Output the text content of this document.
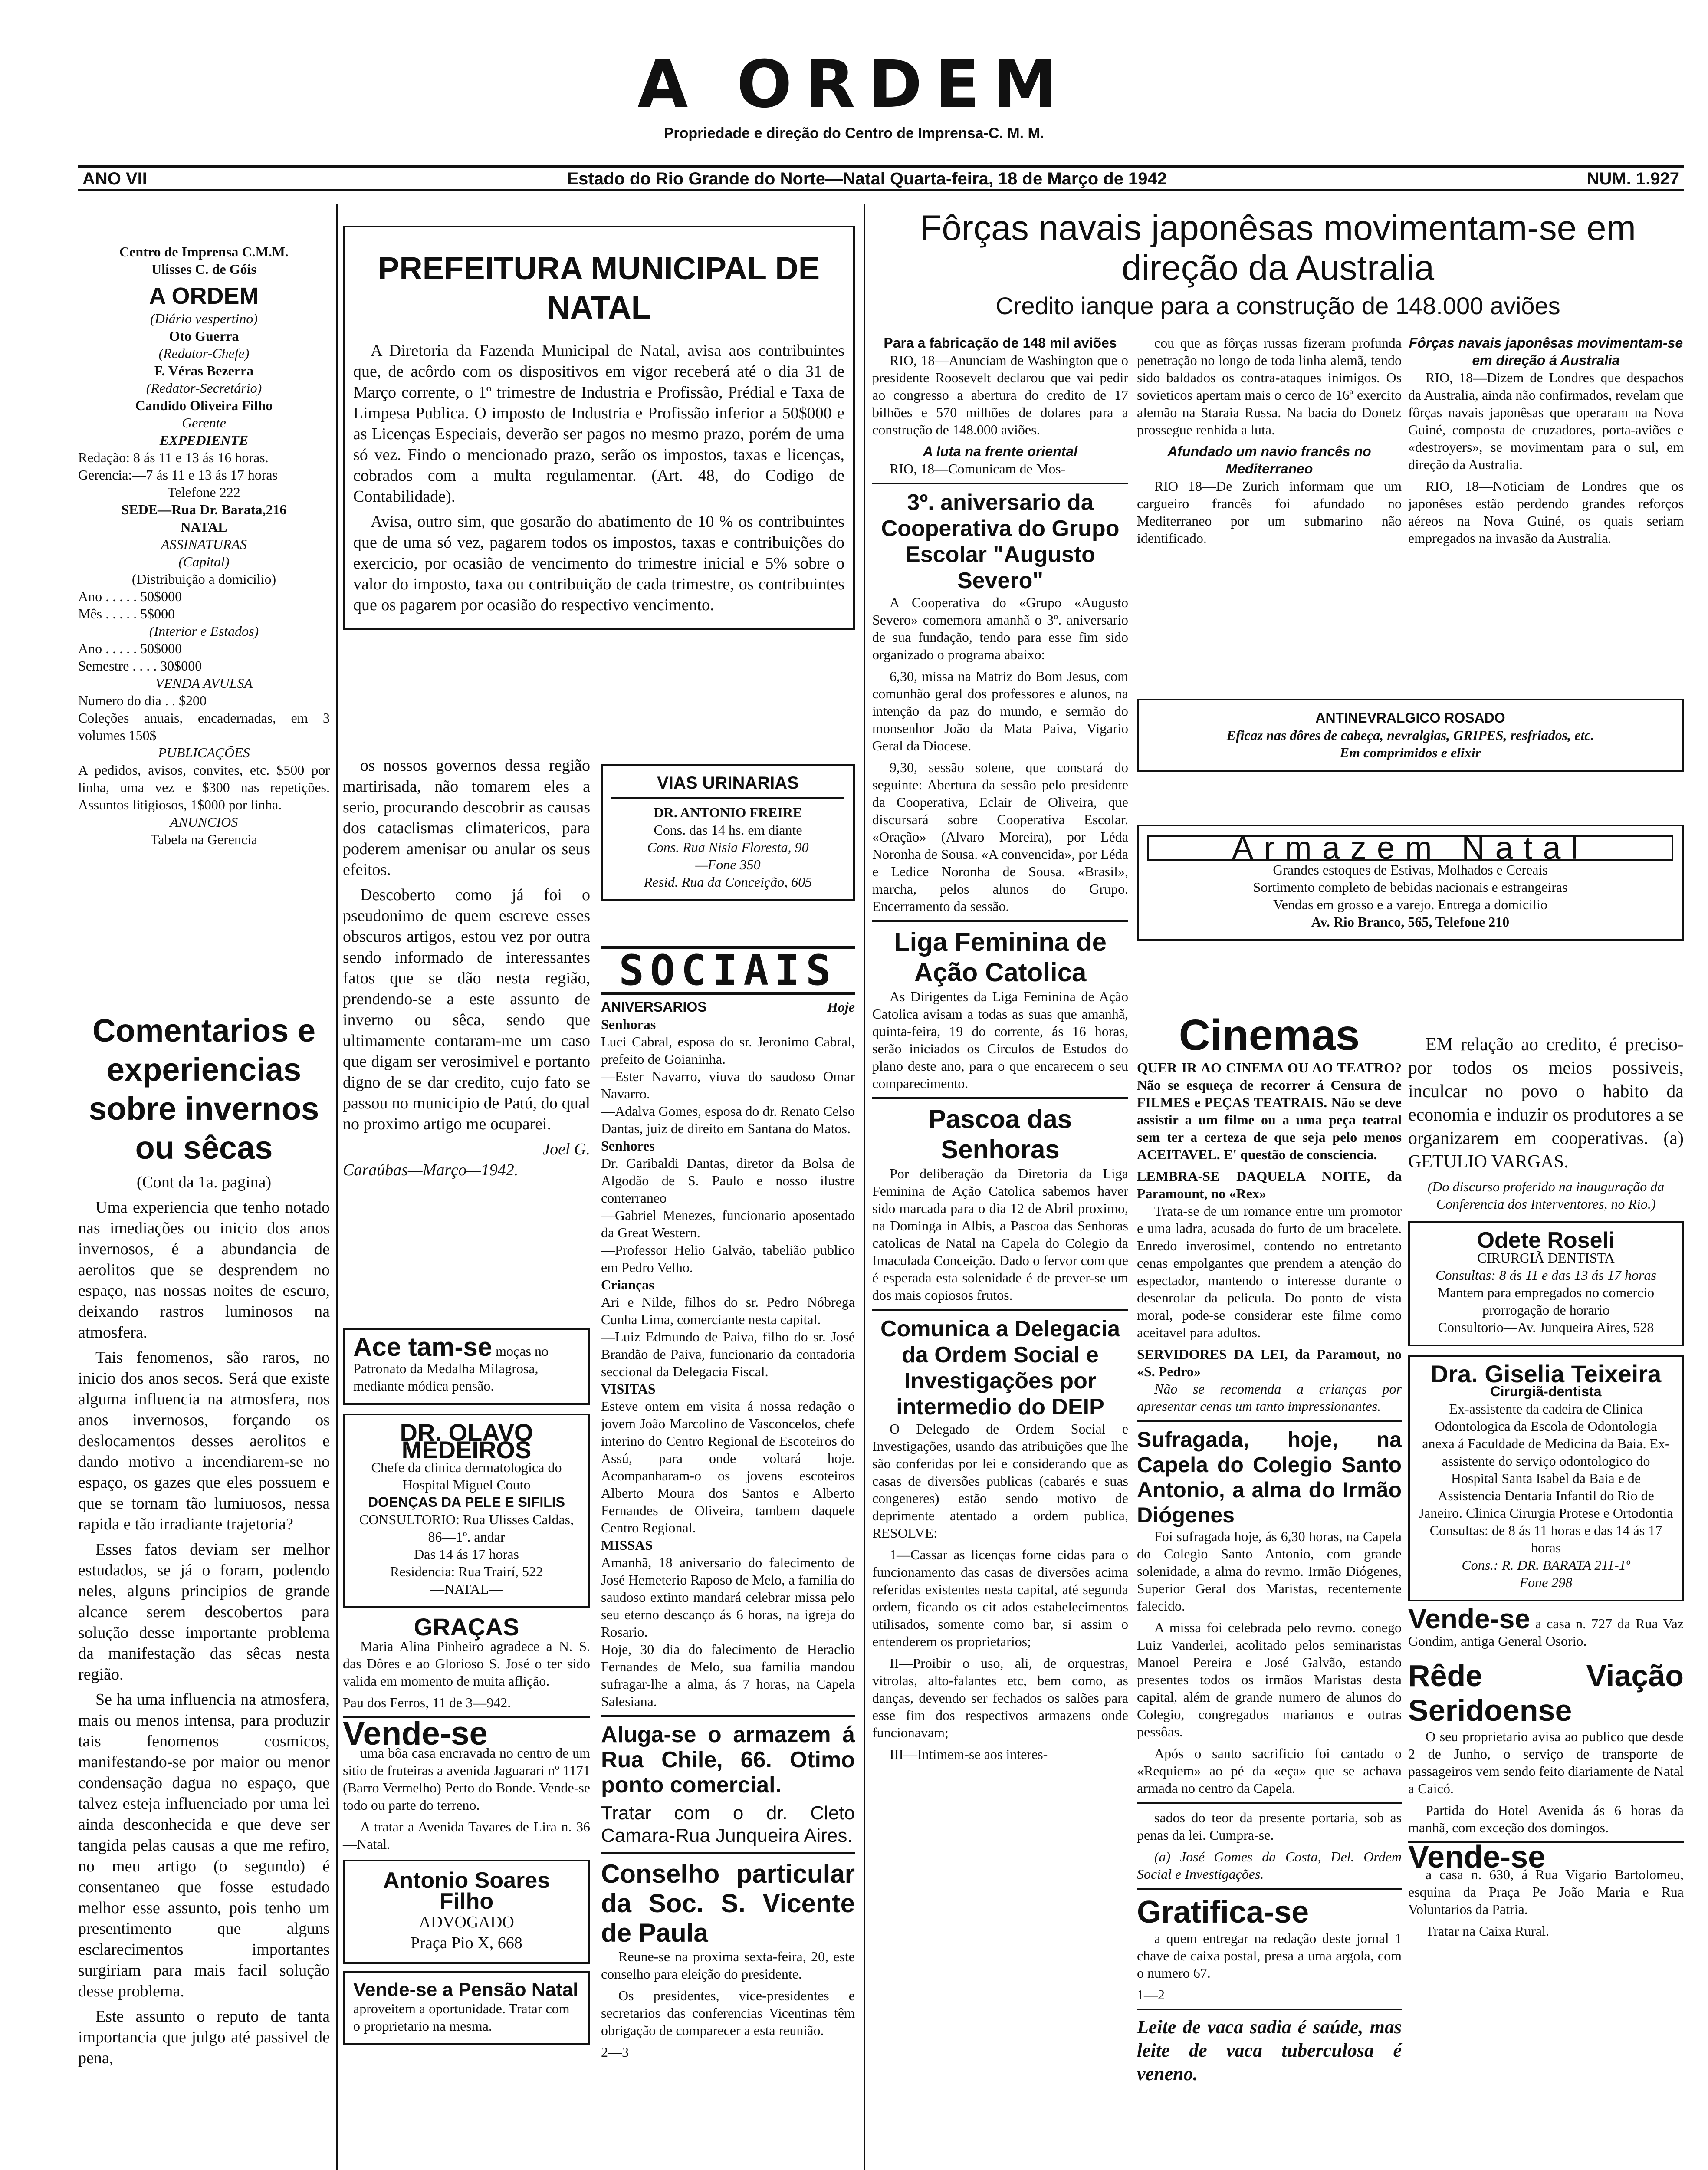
A ORDEM
Propriedade e direção do Centro de Imprensa-C. M. M.
ANO VII	Estado do Rio Grande do Norte—Natal Quarta-feira, 18 de Março de 1942	NUM. 1.927
Centro de Imprensa C.M.M.
Ulisses C. de Góis
A ORDEM
(Diário vespertino)
Oto Guerra
(Redator-Chefe)
F. Véras Bezerra
(Redator-Secretário)
Candido Oliveira Filho
Gerente
EXPEDIENTE
Redação: 8 ás 11 e 13 ás 16 horas.
Gerencia:—7 ás 11 e 13 ás 17 horas
Telefone 222
SEDE—Rua Dr. Barata,216
NATAL
ASSINATURAS
(Capital)
(Distribuição a domicilio)
Ano . . . . . 50$000
Mês . . . . . 5$000
(Interior e Estados)
Ano . . . . . 50$000
Semestre . . . . 30$000
VENDA AVULSA
Numero do dia . . $200
Coleções anuais, encadernadas, em 3 volumes 150$
PUBLICAÇÕES
A pedidos, avisos, convites, etc. $500 por linha, uma vez e $300 nas repetições. Assuntos litigiosos, 1$000 por linha.
ANUNCIOS
Tabela na Gerencia
Comentarios e experiencias sobre invernos ou sêcas
(Cont da 1a. pagina)

Uma experiencia que tenho notado nas imediações ou inicio dos anos invernosos, é a abundancia de aerolitos que se desprendem no espaço, nas nossas noites de escuro, deixando rastros luminosos na atmosfera.

Tais fenomenos, são raros, no inicio dos anos secos. Será que existe alguma influencia na atmosfera, nos anos invernosos, forçando os deslocamentos desses aerolitos e dando motivo a incendiarem-se no espaço, os gazes que eles possuem e que se tornam tão lumiuosos, nessa rapida e tão irradiante trajetoria?

Esses fatos deviam ser melhor estudados, se já o foram, podendo neles, alguns principios de grande alcance serem descobertos para solução desse importante problema da manifestação das sêcas nesta região.

Se ha uma influencia na atmosfera, mais ou menos intensa, para produzir tais fenomenos cosmicos, manifestando-se por maior ou menor condensação dagua no espaço, que talvez esteja influenciado por uma lei ainda desconhecida e que deve ser tangida pelas causas a que me refiro, no meu artigo (o segundo) é consentaneo que fosse estudado melhor esse assunto, pois tenho um presentimento que alguns esclarecimentos importantes surgiriam para mais facil solução desse problema.

Este assunto o reputo de tanta importancia que julgo até passivel de pena,

PREFEITURA MUNICIPAL DE NATAL

A Diretoria da Fazenda Municipal de Natal, avisa aos contribuintes que, de acôrdo com os dispositivos em vigor receberá até o dia 31 de Março corrente, o 1º trimestre de Industria e Profissão, Prédial e Taxa de Limpesa Publica. O imposto de Industria e Profissão inferior a 50$000 e as Licenças Especiais, deverão ser pagos no mesmo prazo, porém de uma só vez. Findo o mencionado prazo, serão os impostos, taxas e licenças, cobrados com a multa regulamentar. (Art. 48, do Codigo de Contabilidade).

Avisa, outro sim, que gosarão do abatimento de 10 % os contribuintes que de uma só vez, pagarem todos os impostos, taxas e contribuições do exercicio, por ocasião de vencimento do trimestre inicial e 5% sobre o valor do imposto, taxa ou contribuição de cada trimestre, os contribuintes que os pagarem por ocasião do respectivo vencimento.

os nossos governos dessa região martirisada, não tomarem eles a serio, procurando descobrir as causas dos cataclismas climatericos, para poderem amenisar ou anular os seus efeitos.

Descoberto como já foi o pseudonimo de quem escreve esses obscuros artigos, estou vez por outra sendo informado de interessantes fatos que se dão nesta região, prendendo-se a este assunto de inverno ou sêca, sendo que ultimamente contaram-me um caso que digam ser verosimivel e portanto digno de se dar credito, cujo fato se passou no municipio de Patú, do qual no proximo artigo me ocuparei.

Joel G.
Caraúbas—Março—1942.
VIAS URINARIAS
DR. ANTONIO FREIRE
Cons. das 14 hs. em diante
Cons. Rua Nisia Floresta, 90
—Fone 350
Resid. Rua da Conceição, 605
SOCIAIS
ANIVERSARIOS	Hoje
Senhoras
Luci Cabral, esposa do sr. Jeronimo Cabral, prefeito de Goianinha.
—Ester Navarro, viuva do saudoso Omar Navarro.
—Adalva Gomes, esposa do dr. Renato Celso Dantas, juiz de direito em Santana do Matos.
Senhores
Dr. Garibaldi Dantas, diretor da Bolsa de Algodão de S. Paulo e nosso ilustre conterraneo
—Gabriel Menezes, funcionario aposentado da Great Western.
—Professor Helio Galvão, tabelião publico em Pedro Velho.
Crianças
Ari e Nilde, filhos do sr. Pedro Nóbrega Cunha Lima, comerciante nesta capital.
—Luiz Edmundo de Paiva, filho do sr. José Brandão de Paiva, funcionario da contadoria seccional da Delegacia Fiscal.
VISITAS
Esteve ontem em visita á nossa redação o jovem João Marcolino de Vasconcelos, chefe interino do Centro Regional de Escoteiros do Assú, para onde voltará hoje. Acompanharam-o os jovens escoteiros Alberto Moura dos Santos e Alberto Fernandes de Oliveira, tambem daquele Centro Regional.
MISSAS
Amanhã, 18 aniversario do falecimento de José Hemeterio Raposo de Melo, a familia do saudoso extinto mandará celebrar missa pelo seu eterno descanço ás 6 horas, na igreja do Rosario.
Hoje, 30 dia do falecimento de Heraclio Fernandes de Melo, sua familia mandou sufragar-lhe a alma, ás 7 horas, na Capela Salesiana.
Aluga-se o armazem á Rua Chile, 66. Otimo ponto comercial.
Tratar com o dr. Cleto Camara-Rua Junqueira Aires.
Conselho particular da Soc. S. Vicente de Paula

Reune-se na proxima sexta-feira, 20, este conselho para eleição do presidente.

Os presidentes, vice-presidentes e secretarios das conferencias Vicentinas têm obrigação de comparecer a esta reunião.

2—3
Ace tam-se moças no Patronato da Medalha Milagrosa, mediante módica pensão.
DR. OLAVO MEDEIROS
Chefe da clinica dermatologica do Hospital Miguel Couto
DOENÇAS DA PELE E SIFILIS
CONSULTORIO: Rua Ulisses Caldas, 86—1º. andar
Das 14 ás 17 horas
Residencia: Rua Trairí, 522
—NATAL—
GRAÇAS

Maria Alina Pinheiro agradece a N. S. das Dôres e ao Glorioso S. José o ter sido valida em momento de muita aflição.

Pau dos Ferros, 11 de 3—942.
Vende-se

uma bôa casa encravada no centro de um sitio de fruteiras a avenida Jaguarari nº 1171 (Barro Vermelho) Perto do Bonde. Vende-se todo ou parte do terreno.

A tratar a Avenida Tavares de Lira n. 36—Natal.

Antonio Soares Filho
ADVOGADO
Praça Pio X, 668
Vende-se a Pensão Natal aproveitem a oportunidade. Tratar com o proprietario na mesma.
Fôrças navais japonêsas movimentam-se em direção da Australia
Credito ianque para a construção de 148.000 aviões
Para a fabricação de 148 mil aviões

RIO, 18—Anunciam de Washington que o presidente Roosevelt declarou que vai pedir ao congresso a abertura do credito de 17 bilhões e 570 milhões de dolares para a construção de 148.000 aviões.

A luta na frente oriental

RIO, 18—Comunicam de Mos-

3º. aniversario da Cooperativa do Grupo Escolar "Augusto Severo"

A Cooperativa do «Grupo «Augusto Severo» comemora amanhã o 3º. aniversario de sua fundação, tendo para esse fim sido organizado o programa abaixo:

6,30, missa na Matriz do Bom Jesus, com comunhão geral dos professores e alunos, na intenção da paz do mundo, e sermão do monsenhor João da Mata Paiva, Vigario Geral da Diocese.

9,30, sessão solene, que constará do seguinte: Abertura da sessão pelo presidente da Cooperativa, Eclair de Oliveira, que discursará sobre Cooperativa Escolar. «Oração» (Alvaro Moreira), por Léda Noronha de Sousa. «A convencida», por Léda e Ledice Noronha de Sousa. «Brasil», marcha, pelos alunos do Grupo. Encerramento da sessão.

Liga Feminina de Ação Catolica

As Dirigentes da Liga Feminina de Ação Catolica avisam a todas as suas que amanhã, quinta-feira, 19 do corrente, ás 16 horas, serão iniciados os Circulos de Estudos do plano deste ano, para o que encarecem o seu comparecimento.

Pascoa das Senhoras

Por deliberação da Diretoria da Liga Feminina de Ação Catolica sabemos haver sido marcada para o dia 12 de Abril proximo, na Dominga in Albis, a Pascoa das Senhoras catolicas de Natal na Capela do Colegio da Imaculada Conceição. Dado o fervor com que é esperada esta solenidade é de prever-se um dos mais copiosos frutos.

Comunica a Delegacia da Ordem Social e Investigações por intermedio do DEIP

O Delegado de Ordem Social e Investigações, usando das atribuições que lhe são conferidas por lei e considerando que as casas de diversões publicas (cabarés e suas congeneres) estão sendo motivo de deprimente atentado a ordem publica, RESOLVE:

1—Cassar as licenças forne cidas para o funcionamento das casas de diversões acima referidas existentes nesta capital, até segunda ordem, ficando os cit ados estabelecimentos utilisados, somente como bar, si assim o entenderem os proprietarios;

II—Proibir o uso, ali, de orquestras, vitrolas, alto-falantes etc, bem como, as danças, devendo ser fechados os salões para esse fim dos respectivos armazens onde funcionavam;

III—Intimem-se aos interes-

cou que as fôrças russas fizeram profunda penetração no longo de toda linha alemã, tendo sido baldados os contra-ataques inimigos. Os sovieticos apertam mais o cerco de 16ª exercito alemão na Staraia Russa. Na bacia do Donetz prossegue renhida a luta.

Afundado um navio francês no Mediterraneo

RIO 18—De Zurich informam que um cargueiro francês foi afundado no Mediterraneo por um submarino não identificado.

Fôrças navais japonêsas movimentam-se em direção á Australia

RIO, 18—Dizem de Londres que despachos da Australia, ainda não confirmados, revelam que fôrças navais japonêsas que operaram na Nova Guiné, composta de cruzadores, porta-aviões e «destroyers», se movimentam para o sul, em direção da Australia.

RIO, 18—Noticiam de Londres que os japonêses estão perdendo grandes reforços aéreos na Nova Guiné, os quais seriam empregados na invasão da Australia.

ANTINEVRALGICO ROSADO
Eficaz nas dôres de cabeça, nevralgias, GRIPES, resfriados, etc.
Em comprimidos e elixir
Armazem Natal
Grandes estoques de Estivas, Molhados e Cereais
Sortimento completo de bebidas nacionais e estrangeiras
Vendas em grosso e a varejo. Entrega a domicilio
Av. Rio Branco, 565, Telefone 210
Cinemas
QUER IR AO CINEMA OU AO TEATRO? Não se esqueça de recorrer á Censura de FILMES e PEÇAS TEATRAIS. Não se deve assistir a um filme ou a uma peça teatral sem ter a certeza de que seja pelo menos ACEITAVEL. E' questão de consciencia.
LEMBRA-SE DAQUELA NOITE, da Paramount, no «Rex»

Trata-se de um romance entre um promotor e uma ladra, acusada do furto de um bracelete. Enredo inverosimel, contendo no entretanto cenas empolgantes que prendem a atenção do espectador, mantendo o interesse durante o desenrolar da pelicula. Do ponto de vista moral, pode-se considerar este filme como aceitavel para adultos.

SERVIDORES DA LEI, da Paramout, no «S. Pedro»

Não se recomenda a crianças por apresentar cenas um tanto impressionantes.

Sufragada, hoje, na Capela do Colegio Santo Antonio, a alma do Irmão Diógenes

Foi sufragada hoje, ás 6,30 horas, na Capela do Colegio Santo Antonio, com grande solenidade, a alma do revmo. Irmão Diógenes, Superior Geral dos Maristas, recentemente falecido.

A missa foi celebrada pelo revmo. conego Luiz Vanderlei, acolitado pelos seminaristas Manoel Pereira e José Galvão, estando presentes todos os irmãos Maristas desta capital, além de grande numero de alunos do Colegio, congregados marianos e outras pessôas.

Após o santo sacrificio foi cantado o «Requiem» ao pé da «eça» que se achava armada no centro da Capela.

sados do teor da presente portaria, sob as penas da lei. Cumpra-se.

(a) José Gomes da Costa, Del. Ordem Social e Investigações.

Gratifica-se

a quem entregar na redação deste jornal 1 chave de caixa postal, presa a uma argola, com o numero 67.

1—2
Leite de vaca sadia é saúde, mas leite de vaca tuberculosa é veneno.

EM relação ao credito, é preciso-por todos os meios possiveis, inculcar no povo o habito da economia e induzir os produtores a se organizarem em cooperativas. (a) GETULIO VARGAS.

(Do discurso proferido na inauguração da Conferencia dos Interventores, no Rio.)
Odete Roseli
CIRURGIÃ DENTISTA
Consultas: 8 ás 11 e das 13 ás 17 horas
Mantem para empregados no comercio prorrogação de horario
Consultorio—Av. Junqueira Aires, 528
Dra. Giselia Teixeira
Cirurgiã-dentista
Ex-assistente da cadeira de Clinica Odontologica da Escola de Odontologia anexa á Faculdade de Medicina da Baia. Ex-assistente do serviço odontologico do Hospital Santa Isabel da Baia e de Assistencia Dentaria Infantil do Rio de Janeiro. Clinica Cirurgia Protese e Ortodontia
Consultas: de 8 ás 11 horas e das 14 ás 17 horas
Cons.: R. DR. BARATA 211-1º
Fone 298
Vende-se a casa n. 727 da Rua Vaz Gondim, antiga General Osorio.
Rêde Viação Seridoense

O seu proprietario avisa ao publico que desde 2 de Junho, o serviço de transporte de passageiros vem sendo feito diariamente de Natal a Caicó.

Partida do Hotel Avenida ás 6 horas da manhã, com exceção dos domingos.

Vende-se

a casa n. 630, á Rua Vigario Bartolomeu, esquina da Praça Pe João Maria e Rua Voluntarios da Patria.

Tratar na Caixa Rural.
